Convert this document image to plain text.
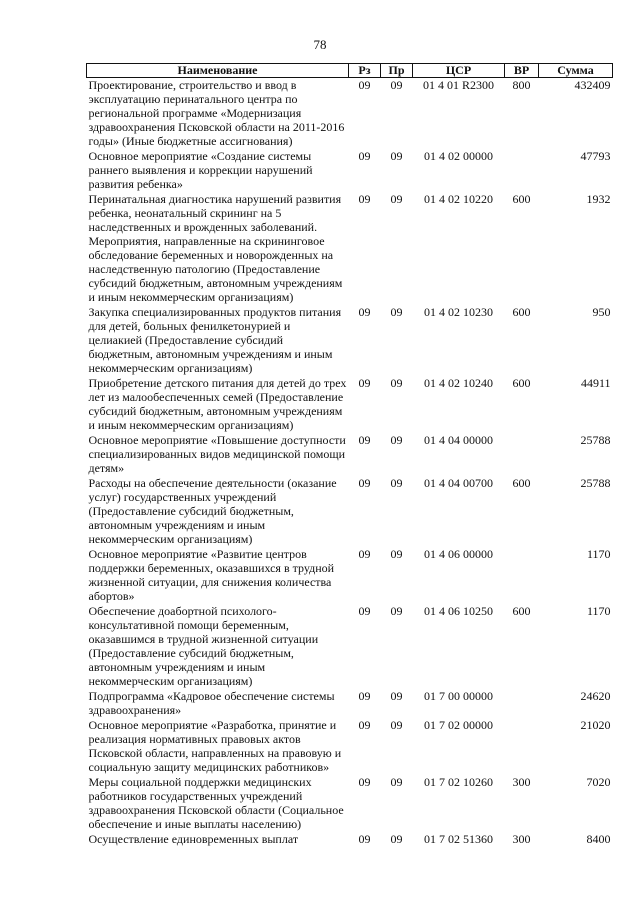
78
Наименование	Рз	Пр	ЦСР	ВР	Сумма
Проектирование, строительство и ввод в эксплуатацию перинатального центра по региональной программе «Модернизация здравоохранения Псковской области на 2011-2016 годы» (Иные бюджетные ассигнования)	09	09	01 4 01 R2300	800	432409
Основное мероприятие «Создание системы раннего выявления и коррекции нарушений развития ребенка»	09	09	01 4 02 00000		47793
Перинатальная диагностика нарушений развития ребенка, неонатальный скрининг на 5 наследственных и врожденных заболеваний. Мероприятия, направленные на скрининговое обследование беременных и новорожденных на наследственную патологию (Предоставление субсидий бюджетным, автономным учреждениям и иным некоммерческим организациям)	09	09	01 4 02 10220	600	1932
Закупка специализированных продуктов питания для детей, больных фенилкетонурией и целиакией (Предоставление субсидий бюджетным, автономным учреждениям и иным некоммерческим организациям)	09	09	01 4 02 10230	600	950
Приобретение детского питания для детей до трех лет из малообеспеченных семей (Предоставление субсидий бюджетным, автономным учреждениям и иным некоммерческим организациям)	09	09	01 4 02 10240	600	44911
Основное мероприятие «Повышение доступности специализированных видов медицинской помощи детям»	09	09	01 4 04 00000		25788
Расходы на обеспечение деятельности (оказание услуг) государственных учреждений (Предоставление субсидий бюджетным, автономным учреждениям и иным некоммерческим организациям)	09	09	01 4 04 00700	600	25788
Основное мероприятие «Развитие центров поддержки беременных, оказавшихся в трудной жизненной ситуации, для снижения количества абортов»	09	09	01 4 06 00000		1170
Обеспечение доабортной психолого-консультативной помощи беременным, оказавшимся в трудной жизненной ситуации (Предоставление субсидий бюджетным, автономным учреждениям и иным некоммерческим организациям)	09	09	01 4 06 10250	600	1170
Подпрограмма «Кадровое обеспечение системы здравоохранения»	09	09	01 7 00 00000		24620
Основное мероприятие «Разработка, принятие и реализация нормативных правовых актов Псковской области, направленных на правовую и социальную защиту медицинских работников»	09	09	01 7 02 00000		21020
Меры социальной поддержки медицинских работников государственных учреждений здравоохранения Псковской области (Социальное обеспечение и иные выплаты населению)	09	09	01 7 02 10260	300	7020
Осуществление единовременных выплат	09	09	01 7 02 51360	300	8400
